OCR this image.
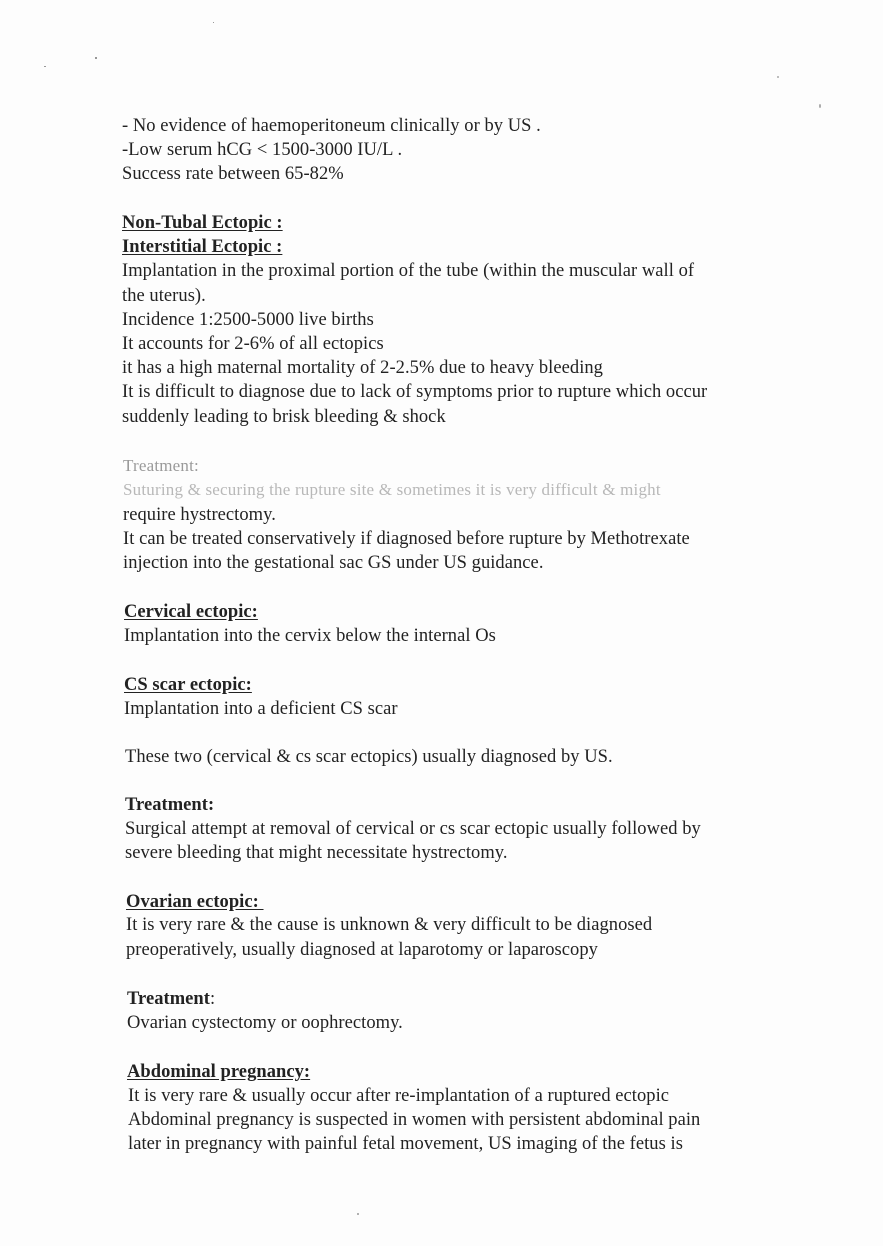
- No evidence of haemoperitoneum clinically or by US .
-Low serum hCG < 1500-3000 IU/L .
Success rate between 65-82%
Non-Tubal Ectopic :
Interstitial Ectopic :
Implantation in the proximal portion of the tube (within the muscular wall of
the uterus).
Incidence 1:2500-5000 live births
It accounts for 2-6% of all ectopics
it has a high maternal mortality of 2-2.5% due to heavy bleeding
It is difficult to diagnose due to lack of symptoms prior to rupture which occur
suddenly leading to brisk bleeding & shock
Treatment:
Suturing & securing the rupture site & sometimes it is very difficult & might
require hystrectomy.
It can be treated conservatively if diagnosed before rupture by Methotrexate
injection into the gestational sac GS under US guidance.
Cervical ectopic:
Implantation into the cervix below the internal Os
CS scar ectopic:
Implantation into a deficient CS scar
These two (cervical & cs scar ectopics) usually diagnosed by US.
Treatment:
Surgical attempt at removal of cervical or cs scar ectopic usually followed by
severe bleeding that might necessitate hystrectomy.
Ovarian ectopic:
It is very rare & the cause is unknown & very difficult to be diagnosed
preoperatively, usually diagnosed at laparotomy or laparoscopy
Treatment:
Ovarian cystectomy or oophrectomy.
Abdominal pregnancy:
It is very rare & usually occur after re-implantation of a ruptured ectopic
Abdominal pregnancy is suspected in women with persistent abdominal pain
later in pregnancy with painful fetal movement, US imaging of the fetus is
